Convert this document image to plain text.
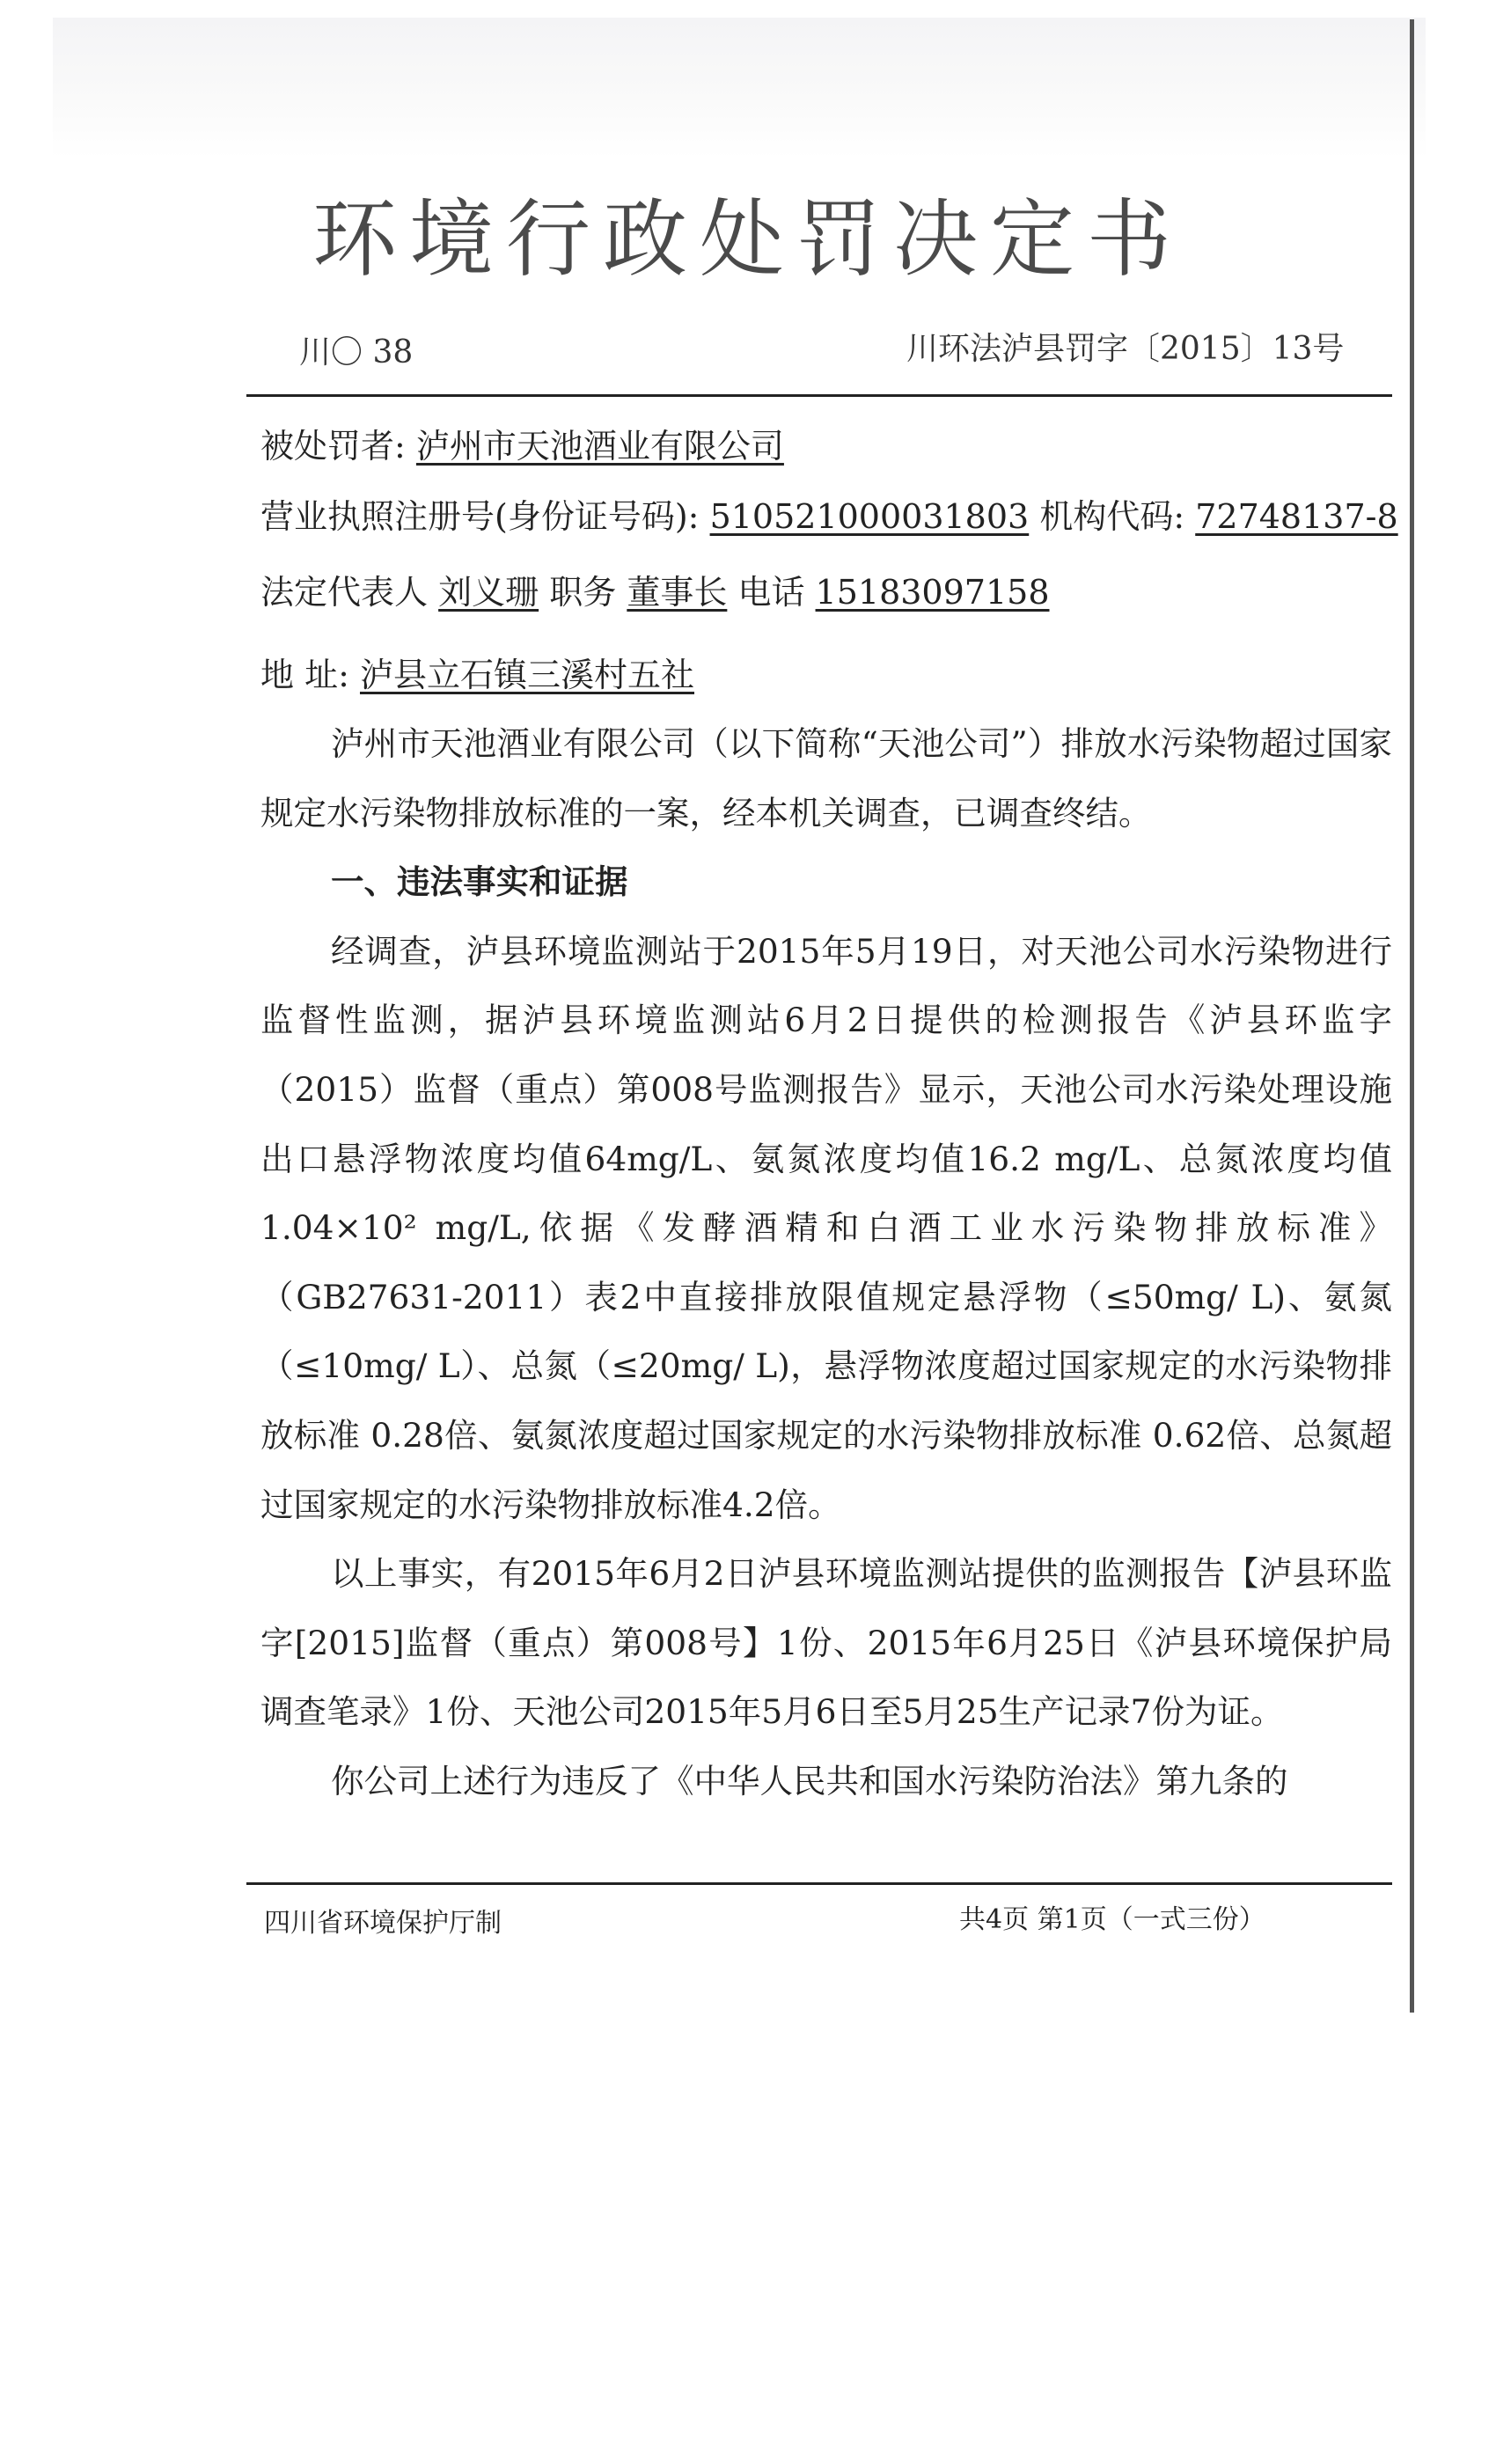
环境行政处罚决定书
川〇 38	川环法泸县罚字〔2015〕13号
被处罚者: 泸州市天池酒业有限公司
营业执照注册号(身份证号码): 510521000031803 机构代码: 72748137-8
法定代表人 刘义珊 职务 董事长 电话 15183097158
地 址: 泸县立石镇三溪村五社

泸州市天池酒业有限公司（以下简称“天池公司”）排放水污染物超过国家规定水污染物排放标准的一案，经本机关调查，已调查终结。

一、违法事实和证据

经调查，泸县环境监测站于2015年5月19日，对天池公司水污染物进行监督性监测，据泸县环境监测站6月2日提供的检测报告《泸县环监字（2015）监督（重点）第008号监测报告》显示，天池公司水污染处理设施出口悬浮物浓度均值64mg/L、氨氮浓度均值16.2 mg/L、总氮浓度均值1.04×10² mg/L,依据《发酵酒精和白酒工业水污染物排放标准》（GB27631-2011）表2中直接排放限值规定悬浮物（≤50mg/ L)、氨氮（≤10mg/ L）、总氮（≤20mg/ L)，悬浮物浓度超过国家规定的水污染物排放标准 0.28倍、氨氮浓度超过国家规定的水污染物排放标准 0.62倍、总氮超过国家规定的水污染物排放标准4.2倍。

以上事实，有2015年6月2日泸县环境监测站提供的监测报告【泸县环监字[2015]监督（重点）第008号】1份、2015年6月25日《泸县环境保护局调查笔录》1份、天池公司2015年5月6日至5月25生产记录7份为证。

你公司上述行为违反了《中华人民共和国水污染防治法》第九条的

四川省环境保护厅制	共4页 第1页（一式三份）
